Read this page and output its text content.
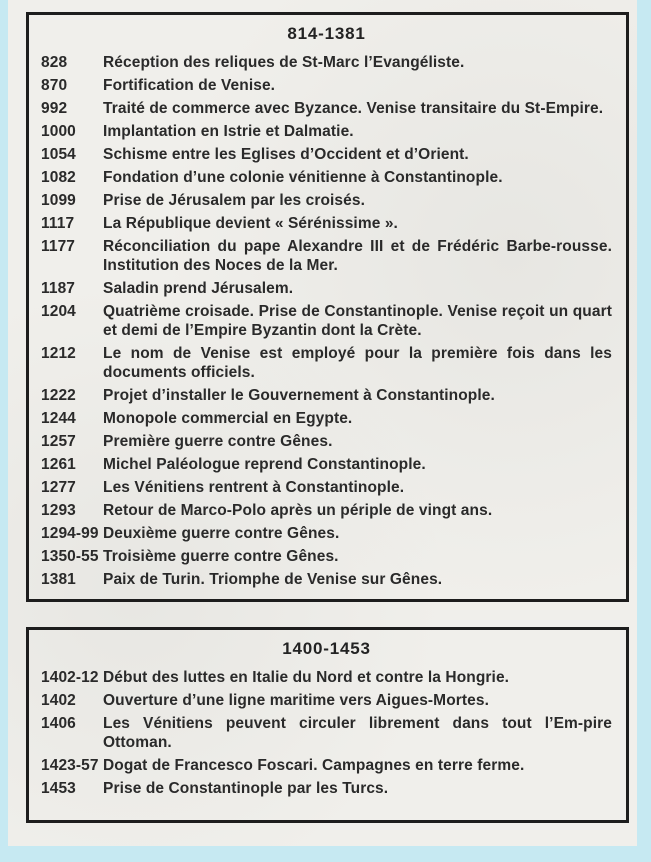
814-1381
828	Réception des reliques de St-Marc l’Evangéliste.
870	Fortification de Venise.
992	Traité de commerce avec Byzance. Venise transitaire du St-Empire.
1000	Implantation en Istrie et Dalmatie.
1054	Schisme entre les Eglises d’Occident et d’Orient.
1082	Fondation d’une colonie vénitienne à Constantinople.
1099	Prise de Jérusalem par les croisés.
1117	La République devient « Sérénissime ».
1177	Réconciliation du pape Alexandre III et de Frédéric Barbe-rousse. Institution des Noces de la Mer.
1187	Saladin prend Jérusalem.
1204	Quatrième croisade. Prise de Constantinople. Venise reçoit un quart et demi de l’Empire Byzantin dont la Crète.
1212	Le nom de Venise est employé pour la première fois dans les documents officiels.
1222	Projet d’installer le Gouvernement à Constantinople.
1244	Monopole commercial en Egypte.
1257	Première guerre contre Gênes.
1261	Michel Paléologue reprend Constantinople.
1277	Les Vénitiens rentrent à Constantinople.
1293	Retour de Marco-Polo après un périple de vingt ans.
1294-99 Deuxième guerre contre Gênes.
1350-55 Troisième guerre contre Gênes.
1381	Paix de Turin. Triomphe de Venise sur Gênes.
1400-1453
1402-12 Début des luttes en Italie du Nord et contre la Hongrie.
1402	Ouverture d’une ligne maritime vers Aigues-Mortes.
1406	Les Vénitiens peuvent circuler librement dans tout l’Em-pire Ottoman.
1423-57 Dogat de Francesco Foscari. Campagnes en terre ferme.
1453	Prise de Constantinople par les Turcs.
